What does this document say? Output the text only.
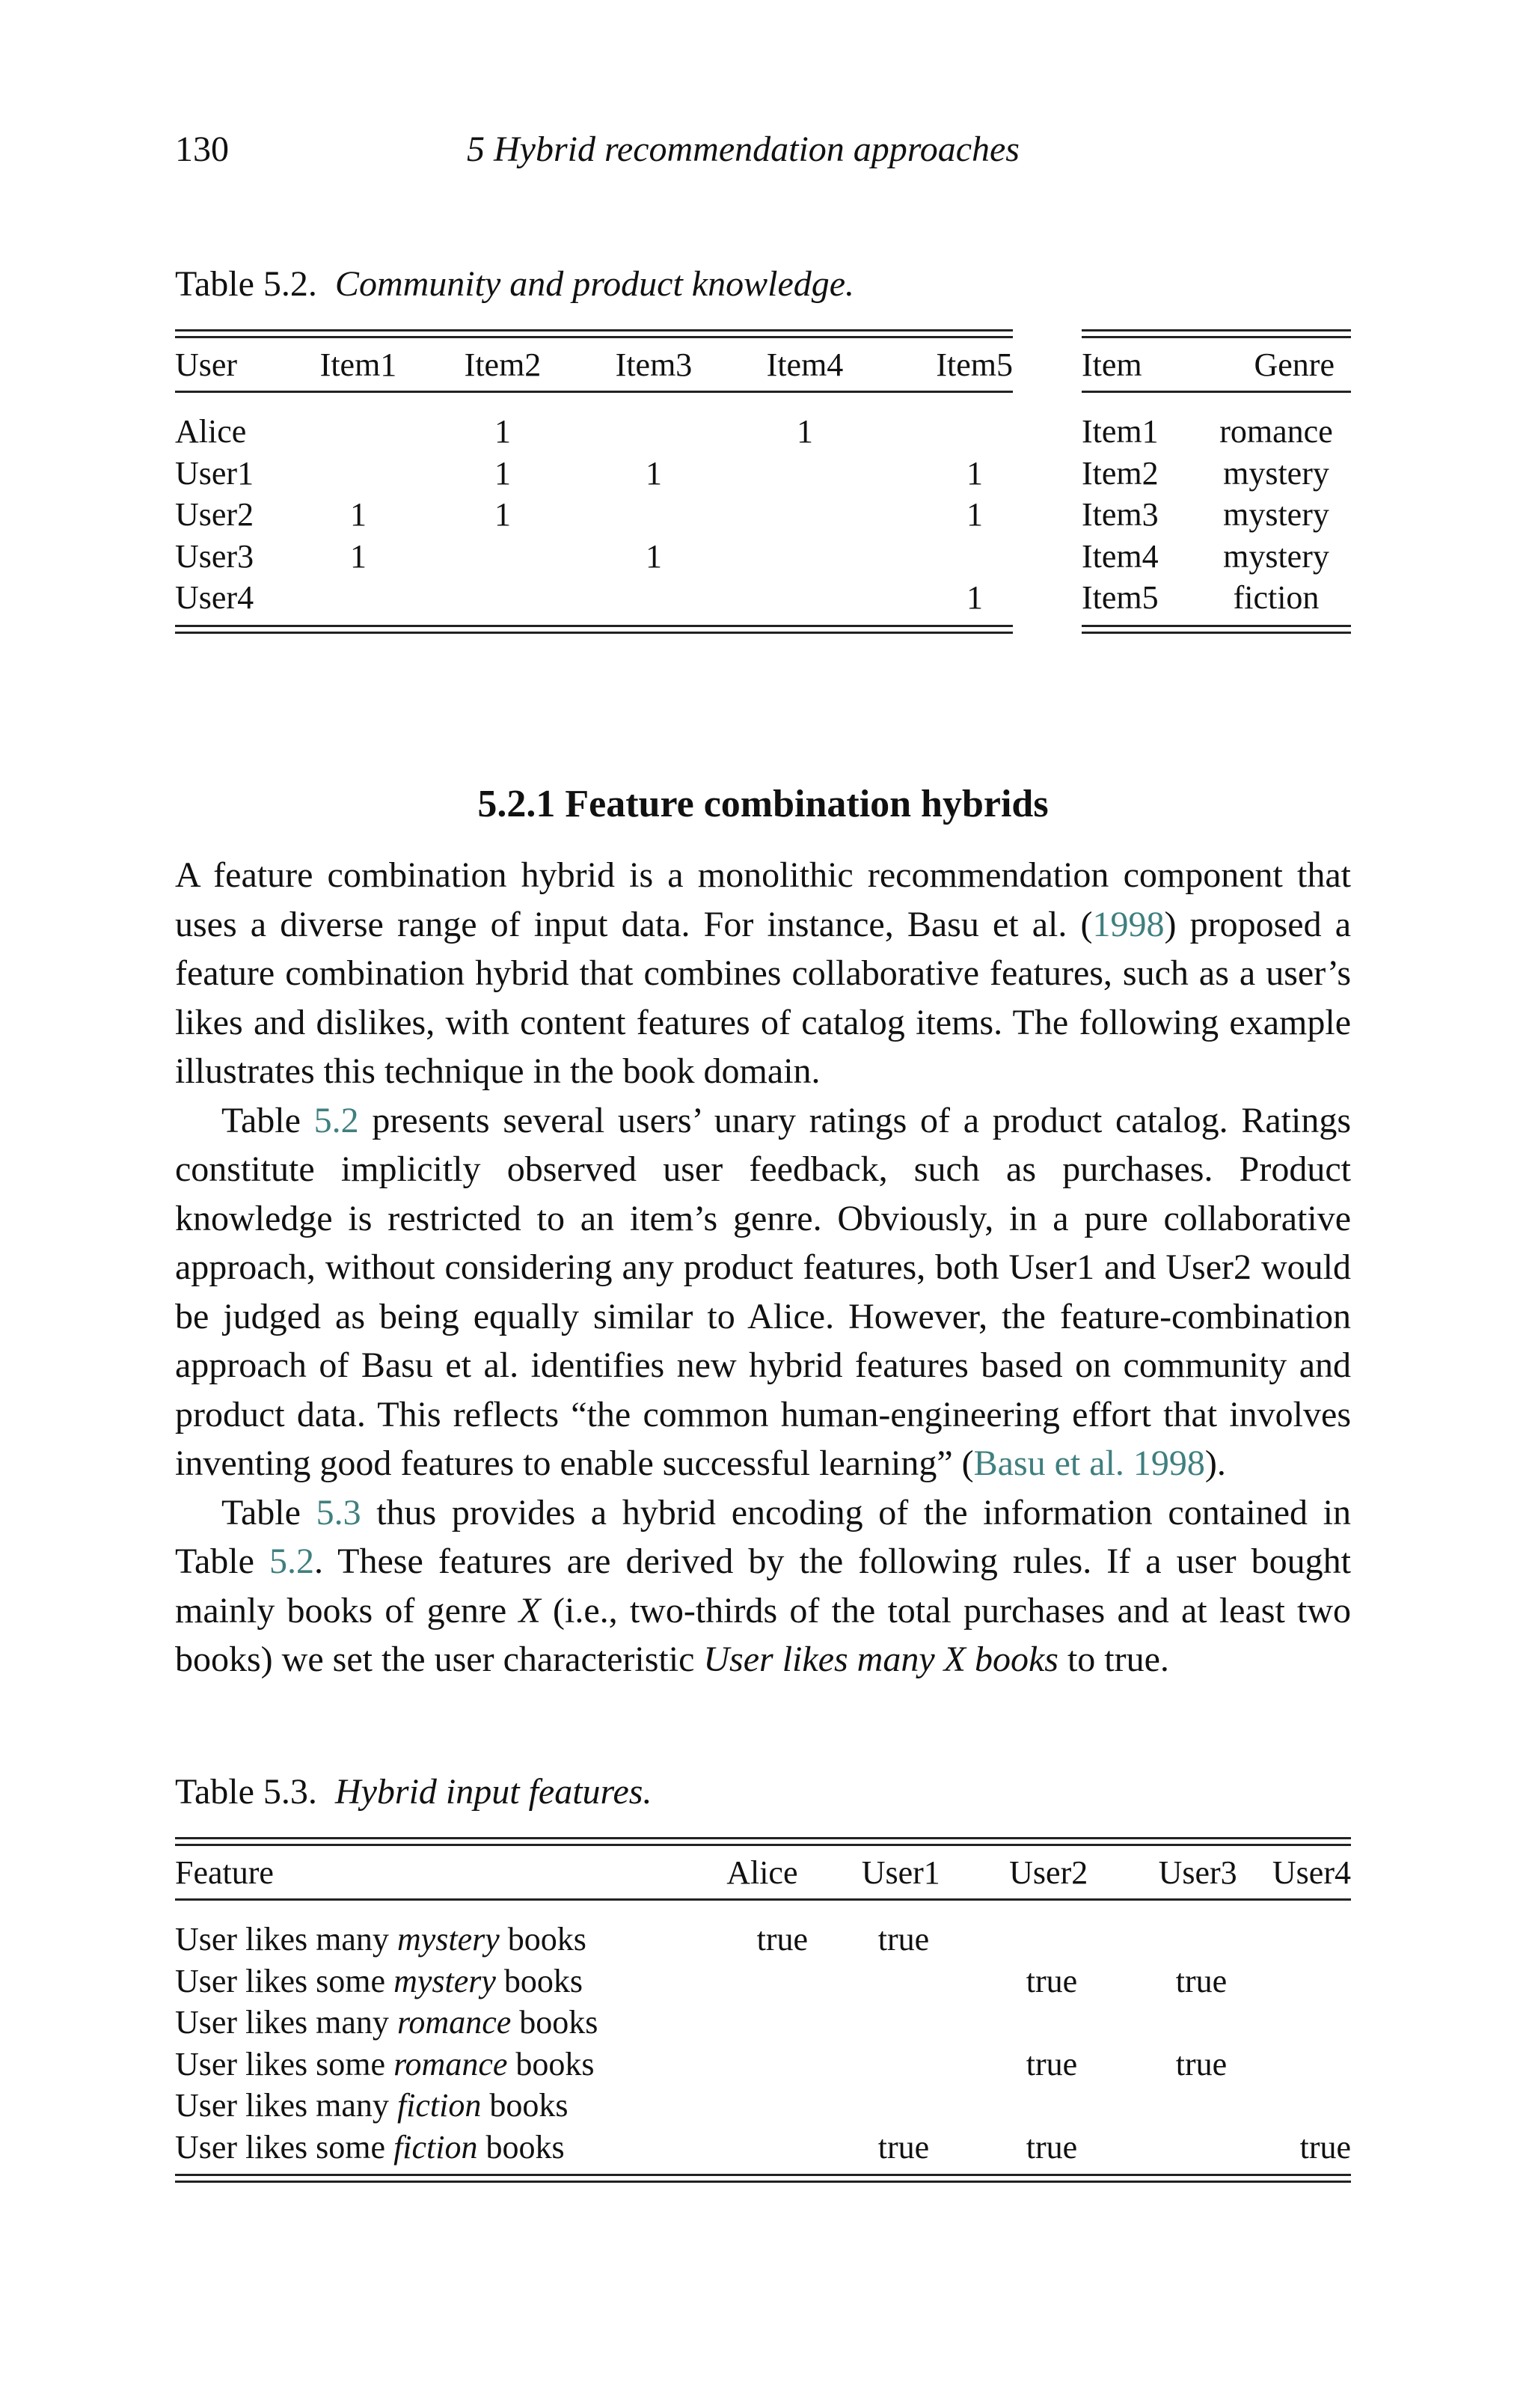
130	5 Hybrid recommendation approaches
Table 5.2. Community and product knowledge.
User	Item1	Item2	Item3	Item4	Item5
Alice		1		1	
User1		1	1		1
User2	1	1			1
User3	1		1		
User4					1
Item	Genre
Item1	romance
Item2	mystery
Item3	mystery
Item4	mystery
Item5	fiction
5.2.1 Feature combination hybrids

A feature combination hybrid is a monolithic recommendation component that uses a diverse range of input data. For instance, Basu et al. (1998) proposed a feature combination hybrid that combines collaborative features, such as a user’s likes and dislikes, with content features of catalog items. The following example illustrates this technique in the book domain.

Table 5.2 presents several users’ unary ratings of a product catalog. Ratings constitute implicitly observed user feedback, such as purchases. Product knowledge is restricted to an item’s genre. Obviously, in a pure collaborative approach, without considering any product features, both User1 and User2 would be judged as being equally similar to Alice. However, the feature-combination approach of Basu et al. identifies new hybrid features based on community and product data. This reflects “the common human-engineering effort that involves inventing good features to enable successful learning” (Basu et al. 1998).

Table 5.3 thus provides a hybrid encoding of the information contained in Table 5.2. These features are derived by the following rules. If a user bought mainly books of genre X (i.e., two-thirds of the total purchases and at least two books) we set the user characteristic User likes many X books to true.

Table 5.3. Hybrid input features.
Feature	Alice	User1	User2	User3	User4
User likes many mystery books	true	true			
User likes some mystery books			true	true	
User likes many romance books					
User likes some romance books			true	true	
User likes many fiction books					
User likes some fiction books		true	true		true
